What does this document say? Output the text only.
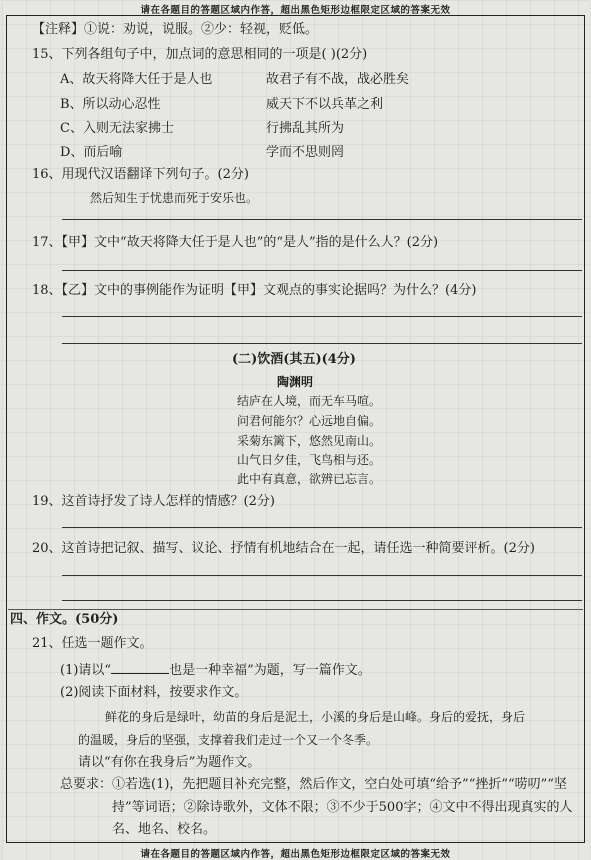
请在各题目的答题区域内作答，超出黑色矩形边框限定区域的答案无效
【注释】①说：劝说，说服。②少：轻视，贬低。
15、下列各组句子中，加点词的意思相同的一项是( )(2分)
A、故天将降大任于是人也	故君子有不战，战必胜矣
B、所以动心忍性	威天下不以兵革之利
C、入则无法家拂士	行拂乱其所为
D、而后喻	学而不思则罔
16、用现代汉语翻译下列句子。(2分)
然后知生于忧患而死于安乐也。
17、【甲】文中“故天将降大任于是人也”的“是人”指的是什么人？(2分)
18、【乙】文中的事例能作为证明【甲】文观点的事实论据吗？为什么？(4分)
(二)饮酒(其五)(4分)
陶渊明
结庐在人境，而无车马喧。
问君何能尔？心远地自偏。
采菊东篱下，悠然见南山。
山气日夕佳，飞鸟相与还。
此中有真意，欲辨已忘言。
19、这首诗抒发了诗人怎样的情感？(2分)
20、这首诗把记叙、描写、议论、抒情有机地结合在一起，请任选一种简要评析。(2分)
四、作文。(50分)
21、任选一题作文。
(1)请以“	也是一种幸福”为题，写一篇作文。
(2)阅读下面材料，按要求作文。
鲜花的身后是绿叶，幼苗的身后是泥土，小溪的身后是山峰。身后的爱抚，身后
的温暖，身后的坚强，支撑着我们走过一个又一个冬季。
请以“有你在我身后”为题作文。
总要求：①若选(1)，先把题目补充完整，然后作文，空白处可填“给予”“挫折”“唠叨”“坚
持”等词语；②除诗歌外，文体不限；③不少于500字；④文中不得出现真实的人
名、地名、校名。
请在各题目的答题区域内作答，超出黑色矩形边框限定区域的答案无效
